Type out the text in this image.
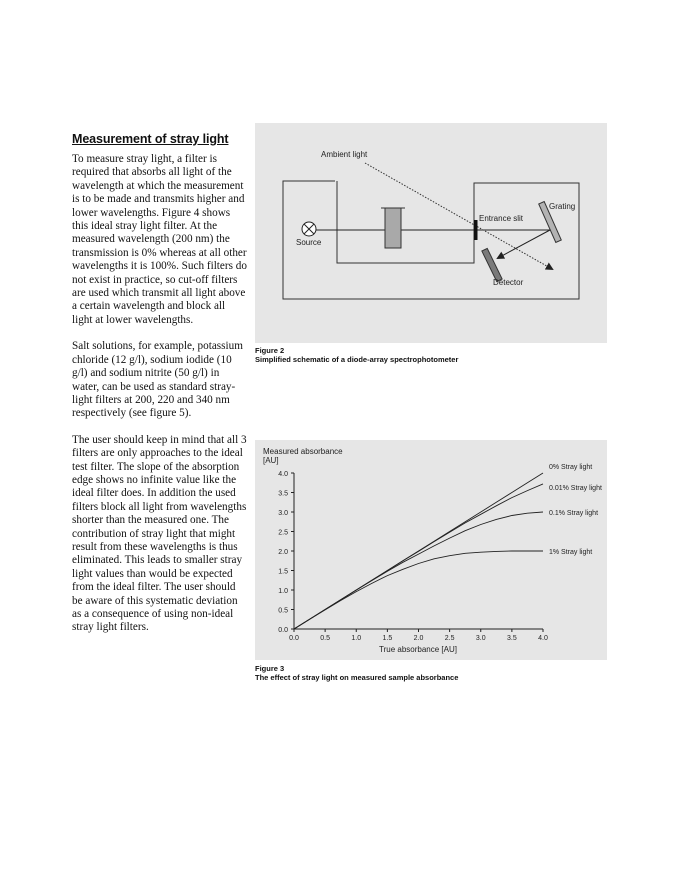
Measurement of stray light

To measure stray light, a filter is required that absorbs all light of the wavelength at which the measurement is to be made and transmits higher and lower wavelengths. Figure 4 shows this ideal stray light filter. At the measured wavelength (200 nm) the transmission is 0% whereas at all other wavelengths it is 100%. Such filters do not exist in practice, so cut-off filters are used which transmit all light above a certain wavelength and block all light at lower wavelengths.

Salt solutions, for example, potassium chloride (12 g/l), sodium iodide (10 g/l) and sodium nitrite (50 g/l) in water, can be used as standard stray-light filters at 200, 220 and 340 nm respectively (see figure 5).

The user should keep in mind that all 3 filters are only approaches to the ideal test filter. The slope of the absorption edge shows no infinite value like the ideal filter does. In addition the used filters block all light from wavelengths shorter than the measured one. The contribution of stray light that might result from these wavelengths is thus eliminated. This leads to smaller stray light values than would be expected from the ideal filter. The user should be aware of this systematic deviation as a consequence of using non-ideal stray light filters.

Ambient light
Source
Entrance slit
Grating
Detector
Figure 2
Simplified schematic of a diode-array spectrophotometer
Measured absorbance
[AU]
True absorbance [AU]
0.0
0.5
1.0
1.5
2.0
2.5
3.0
3.5
4.0
0.0	0.5	1.0	1.5	2.0	2.5	3.0	3.5	4.0
0% Stray light
0.01% Stray light
0.1% Stray light
1% Stray light
Figure 3
The effect of stray light on measured sample absorbance
